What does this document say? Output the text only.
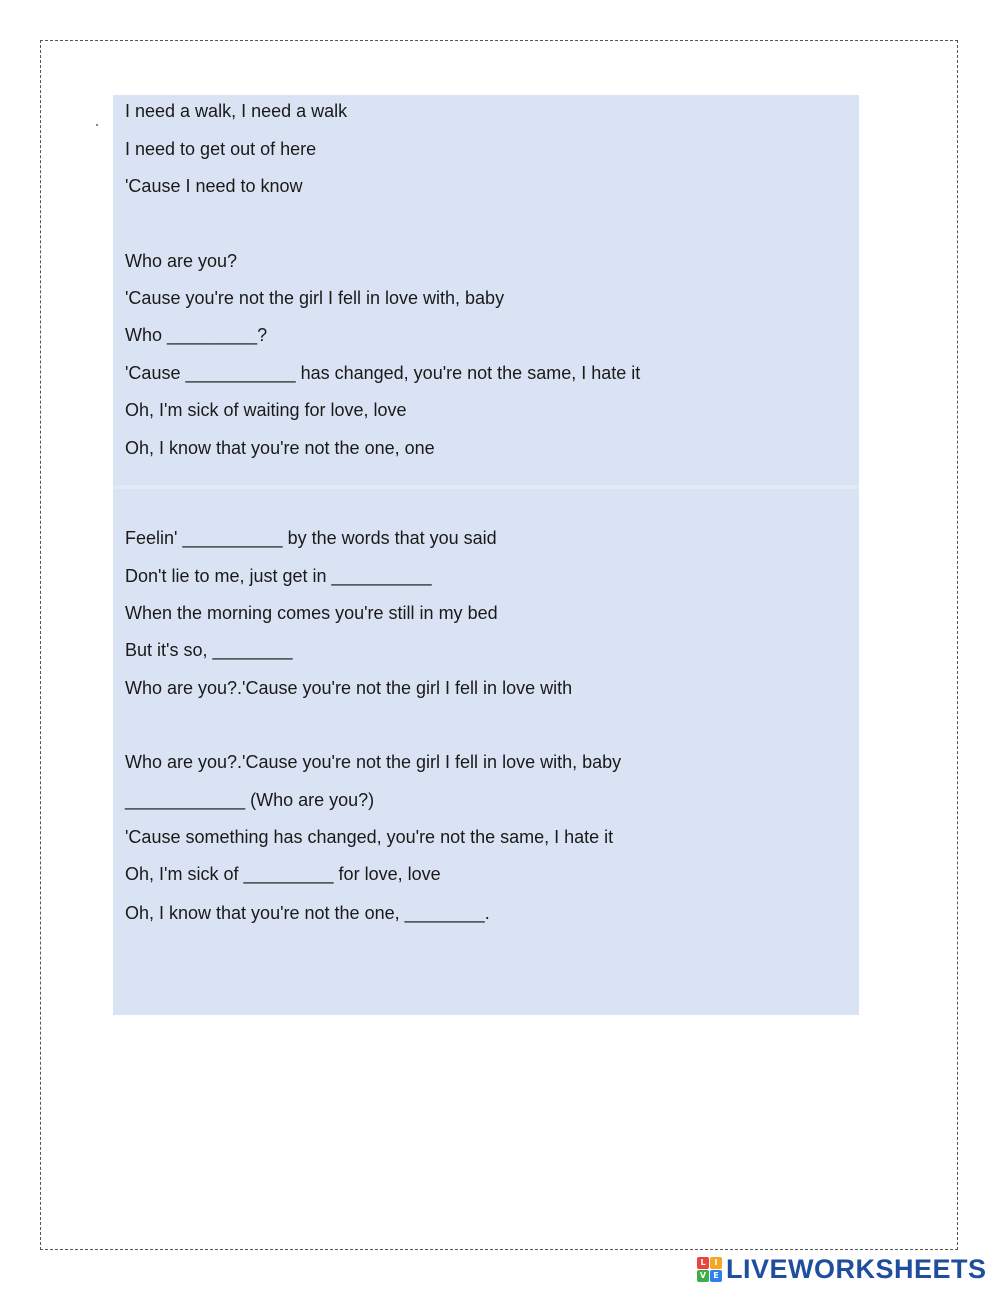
I need a walk, I need a walk
I need to get out of here
'Cause I need to know
Who are you?
'Cause you're not the girl I fell in love with, baby
Who _________?
'Cause ___________ has changed, you're not the same, I hate it
Oh, I'm sick of waiting for love, love
Oh, I know that you're not the one, one
Feelin' __________ by the words that you said
Don't lie to me, just get in __________
When the morning comes you're still in my bed
But it's so, ________
Who are you?.'Cause you're not the girl I fell in love with
Who are you?.'Cause you're not the girl I fell in love with, baby
____________ (Who are you?)
'Cause something has changed, you're not the same, I hate it
Oh, I'm sick of _________ for love, love
Oh, I know that you're not the one, ________.
L	I
V E LIVEWORKSHEETS
